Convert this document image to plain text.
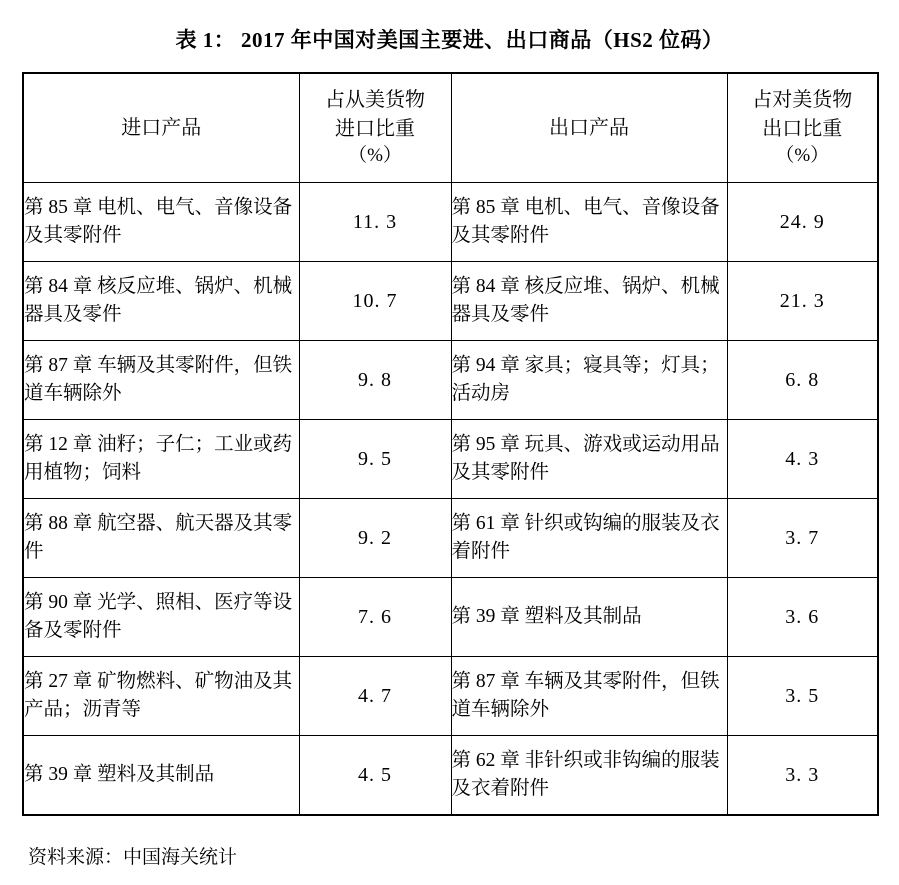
表 1： 2017 年中国对美国主要进、出口商品（HS2 位码）
进口产品	占从美货物
进口比重
（%）	出口产品	占对美货物
出口比重
（%）

第 85 章 电机、电气、音像设备及其零附件	11. 3	第 85 章 电机、电气、音像设备及其零附件	24. 9
第 84 章 核反应堆、锅炉、机械器具及零件	10. 7	第 84 章 核反应堆、锅炉、机械器具及零件	21. 3
第 87 章 车辆及其零附件，但铁道车辆除外	9. 8	第 94 章 家具；寝具等；灯具；活动房	6. 8
第 12 章 油籽；子仁；工业或药用植物；饲料	9. 5	第 95 章 玩具、游戏或运动用品及其零附件	4. 3
第 88 章 航空器、航天器及其零件	9. 2	第 61 章 针织或钩编的服装及衣着附件	3. 7
第 90 章 光学、照相、医疗等设备及零附件	7. 6	第 39 章 塑料及其制品	3. 6
第 27 章 矿物燃料、矿物油及其产品；沥青等	4. 7	第 87 章 车辆及其零附件，但铁道车辆除外	3. 5
第 39 章 塑料及其制品	4. 5	第 62 章 非针织或非钩编的服装及衣着附件	3. 3
资料来源：中国海关统计
